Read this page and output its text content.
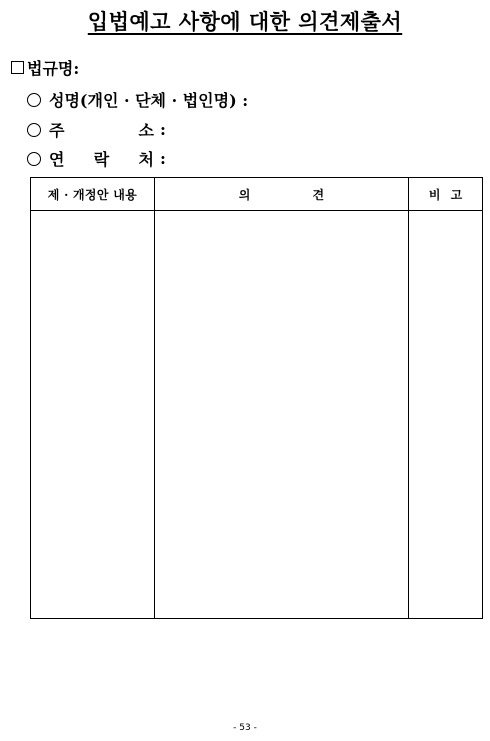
입법예고 사항에 대한 의견제출서
법규명:
성명(개인 · 단체 · 법인명) :
주	소 :
연 락 처 :
제 · 개정안 내용	의 견	비 고

- 53 -
